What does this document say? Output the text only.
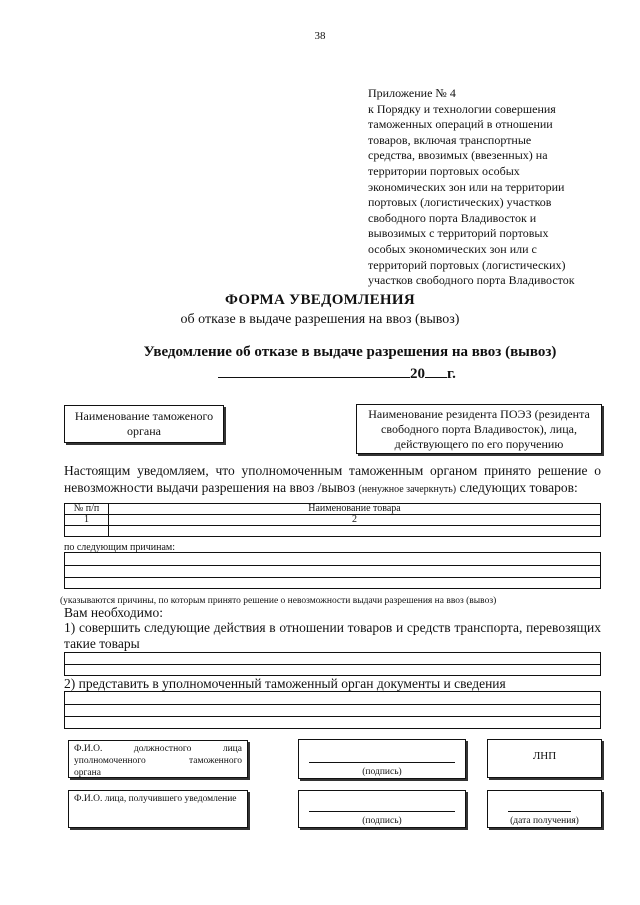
38
Приложение № 4
к Порядку и технологии совершения
таможенных операций в отношении
товаров, включая транспортные
средства, ввозимых (ввезенных) на
территории портовых особых
экономических зон или на территории
портовых (логистических) участков
свободного порта Владивосток и
вывозимых с территорий портовых
особых экономических зон или с
территорий портовых (логистических)
участков свободного порта Владивосток
ФОРМА УВЕДОМЛЕНИЯ
об отказе в выдаче разрешения на ввоз (вывоз)
Уведомление об отказе в выдаче разрешения на ввоз (вывоз)
20 г.
Наименование таможеного органа
Наименование резидента ПОЭЗ (резидента свободного порта Владивосток), лица, действующего по его поручению
Настоящим уведомляем, что уполномоченным таможенным органом принято решение о невозможности выдачи разрешения на ввоз /вывоз (ненужное зачеркнуть) следующих товаров:
№ п/п	Наименование товара
1	2

по следующим причинам:
(указываются причины, по которым принято решение о невозможности выдачи разрешения на ввоз (вывоз)
Вам необходимо:
1) совершить следующие действия в отношении товаров и средств транспорта, перевозящих такие товары
2) представить в уполномоченный таможенный орган документы и сведения
Ф.И.О.	должностного	лица
уполномоченного	таможенного
органа	(подпись)
ЛНП
Ф.И.О. лица, получившего уведомление
(подпись)	(дата получения)
